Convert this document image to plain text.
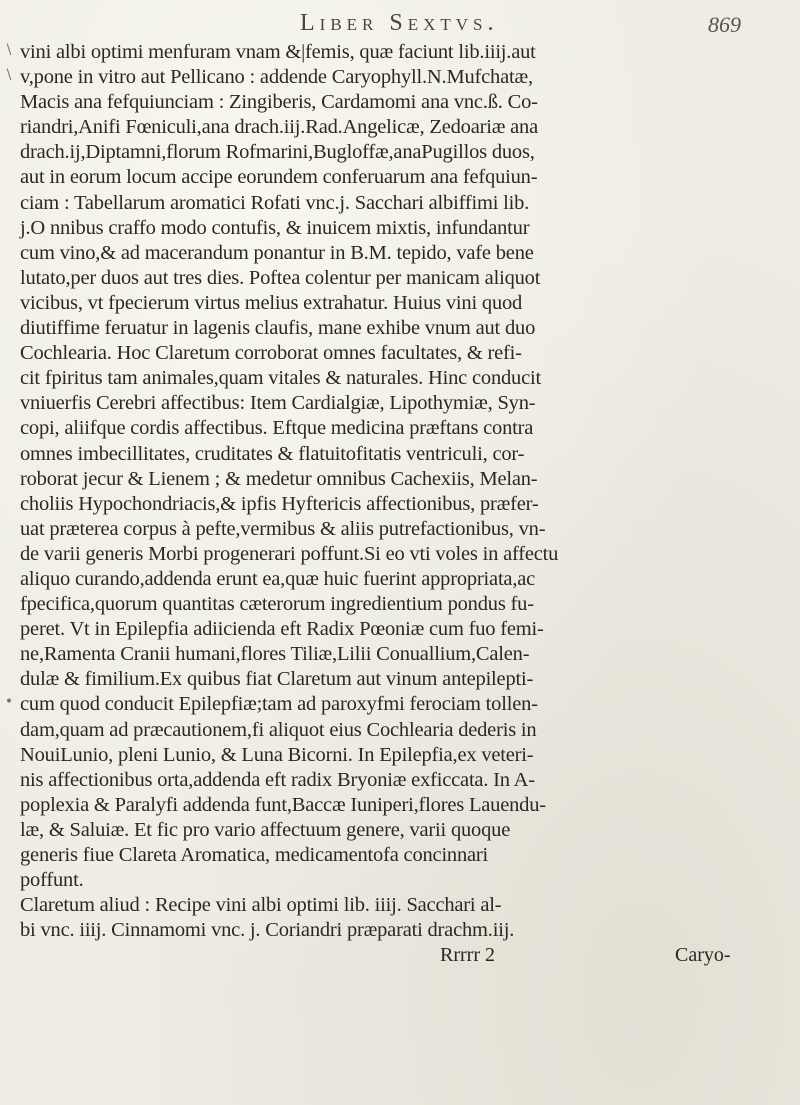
Liber Sextvs.	869
\ vini albi optimi menfuram vnam &|femis, quæ faciunt lib.iiij.aut
\ v,pone in vitro aut Pellicano : addende Caryophyll.N.Mufchatæ,
Macis ana fefquiunciam : Zingiberis, Cardamomi ana vnc.ß. Co-
riandri,Anifi Fœniculi,ana drach.iij.Rad.Angelicæ, Zedoariæ ana
drach.ij,Diptamni,florum Rofmarini,Bugloffæ,anaPugillos duos,
aut in eorum locum accipe eorundem conferuarum ana fefquiun-
ciam : Tabellarum aromatici Rofati vnc.j. Sacchari albiffimi lib.
j.O nnibus craffo modo contufis, & inuicem mixtis, infundantur
cum vino,& ad macerandum ponantur in B.M. tepido, vafe bene
lutato,per duos aut tres dies. Poftea colentur per manicam aliquot
vicibus, vt fpecierum virtus melius extrahatur. Huius vini quod
diutiffime feruatur in lagenis claufis, mane exhibe vnum aut duo
Cochlearia. Hoc Claretum corroborat omnes facultates, & refi-
cit fpiritus tam animales,quam vitales & naturales. Hinc conducit
vniuerfis Cerebri affectibus: Item Cardialgiæ, Lipothymiæ, Syn-
copi, aliifque cordis affectibus. Eftque medicina præftans contra
omnes imbecillitates, cruditates & flatuitofitatis ventriculi, cor-
roborat jecur & Lienem ; & medetur omnibus Cachexiis, Melan-
choliis Hypochondriacis,& ipfis Hyftericis affectionibus, præfer-
uat præterea corpus à pefte,vermibus & aliis putrefactionibus, vn-
de varii generis Morbi progenerari poffunt.Si eo vti voles in affectu
aliquo curando,addenda erunt ea,quæ huic fuerint appropriata,ac
fpecifica,quorum quantitas cæterorum ingredientium pondus fu-
peret. Vt in Epilepfia adiicienda eft Radix Pœoniæ cum fuo femi-
ne,Ramenta Cranii humani,flores Tiliæ,Lilii Conuallium,Calen-
dulæ & fimilium.Ex quibus fiat Claretum aut vinum antepilepti-
• cum quod conducit Epilepfiæ;tam ad paroxyfmi ferociam tollen-
dam,quam ad præcautionem,fi aliquot eius Cochlearia dederis in
NouiLunio, pleni Lunio, & Luna Bicorni. In Epilepfia,ex veteri-
nis affectionibus orta,addenda eft radix Bryoniæ exficcata. In A-
poplexia & Paralyfi addenda funt,Baccæ Iuniperi,flores Lauendu-
læ, & Saluiæ. Et fic pro vario affectuum genere, varii quoque
generis fiue Clareta Aromatica, medicamentofa concinnari
poffunt.
Claretum aliud : Recipe vini albi optimi lib. iiij. Sacchari al-
bi vnc. iiij. Cinnamomi vnc. j. Coriandri præparati drachm.iij.
Rrrrr 2	Caryo-
